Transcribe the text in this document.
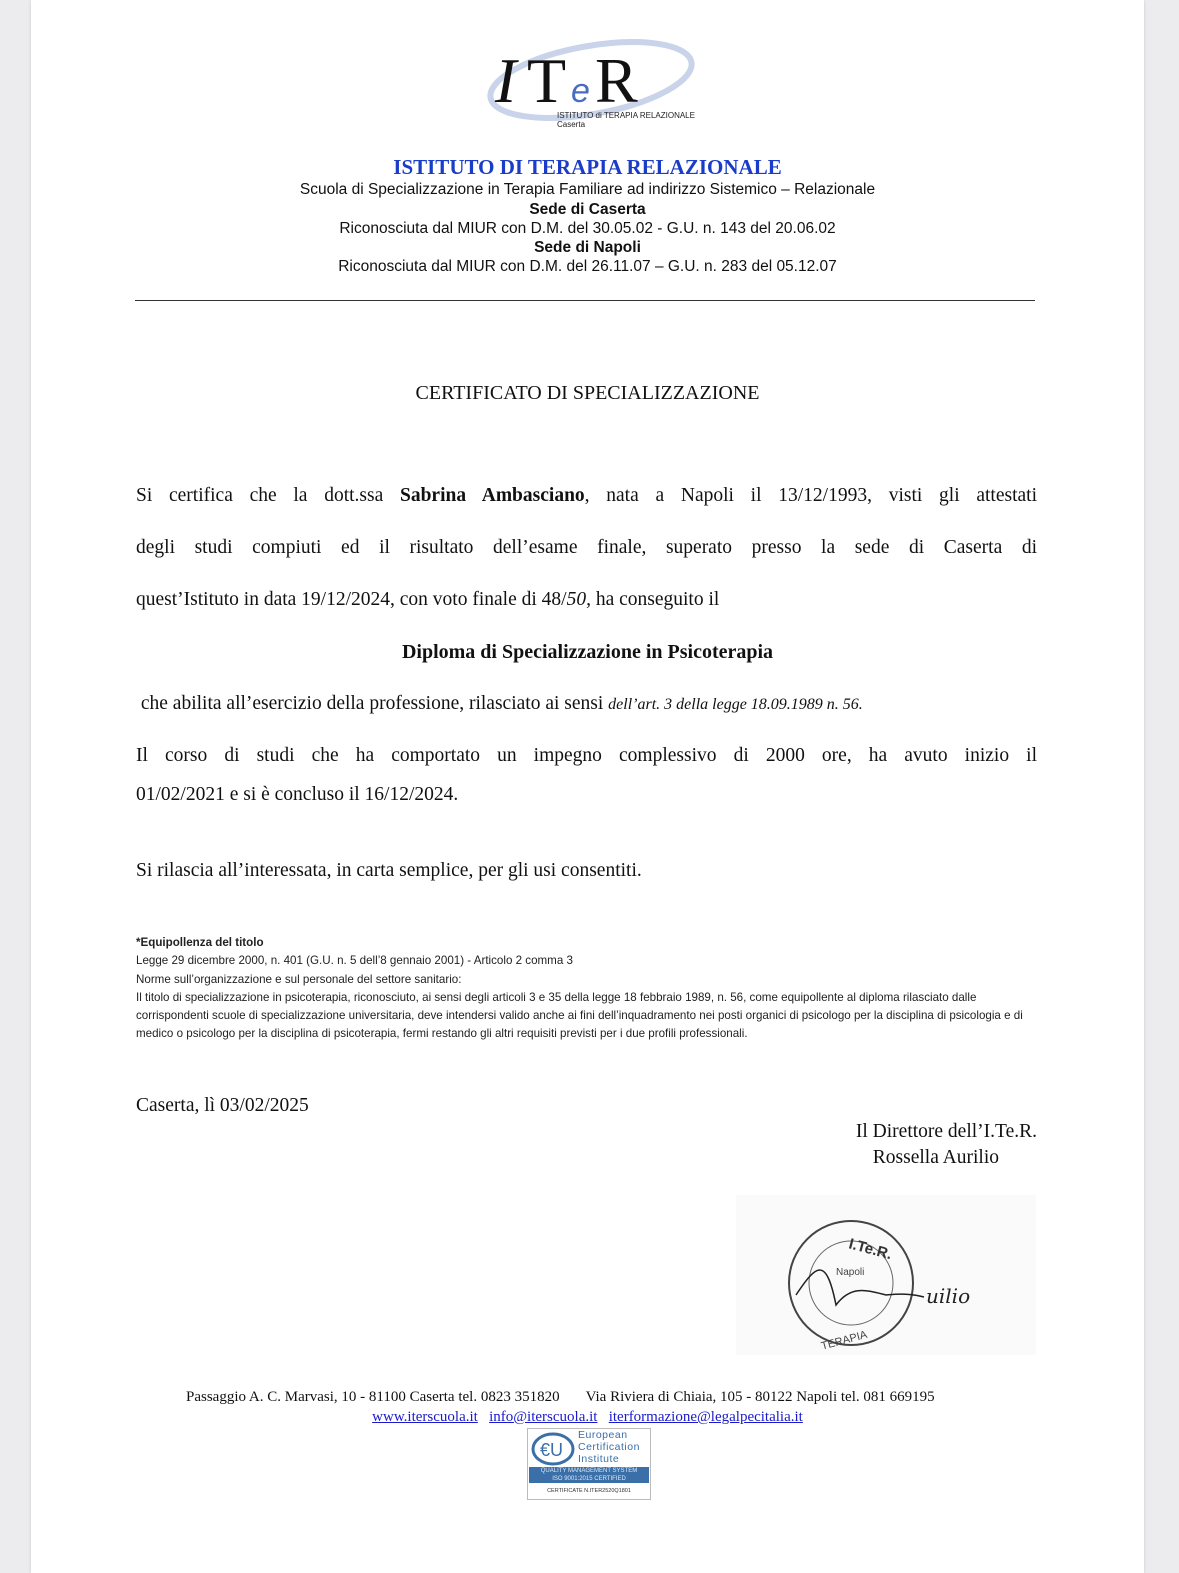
I T e R
ISTITUTO di TERAPIA RELAZIONALE
Caserta
ISTITUTO DI TERAPIA RELAZIONALE
Scuola di Specializzazione in Terapia Familiare ad indirizzo Sistemico – Relazionale
Sede di Caserta
Riconosciuta dal MIUR con D.M. del 30.05.02 - G.U. n. 143 del 20.06.02
Sede di Napoli
Riconosciuta dal MIUR con D.M. del 26.11.07 – G.U. n. 283 del 05.12.07
CERTIFICATO DI SPECIALIZZAZIONE
Si certifica che la dott.ssa Sabrina Ambasciano, nata a Napoli il 13/12/1993, visti gli attestati
degli studi compiuti ed il risultato dell’esame finale, superato presso la sede di Caserta di
quest’Istituto in data 19/12/2024, con voto finale di 48/50, ha conseguito il
Diploma di Specializzazione in Psicoterapia
che abilita all’esercizio della professione, rilasciato ai sensi dell’art. 3 della legge 18.09.1989 n. 56.
Il corso di studi che ha comportato un impegno complessivo di 2000 ore, ha avuto inizio il
01/02/2021 e si è concluso il 16/12/2024.
Si rilascia all’interessata, in carta semplice, per gli usi consentiti.
*Equipollenza del titolo
Legge 29 dicembre 2000, n. 401 (G.U. n. 5 dell’8 gennaio 2001) - Articolo 2 comma 3
Norme sull’organizzazione e sul personale del settore sanitario:
Il titolo di specializzazione in psicoterapia, riconosciuto, ai sensi degli articoli 3 e 35 della legge 18 febbraio 1989, n. 56, come equipollente al diploma rilasciato dalle corrispondenti scuole di specializzazione universitaria, deve intendersi valido anche ai fini dell’inquadramento nei posti organici di psicologo per la disciplina di psicologia e di medico o psicologo per la disciplina di psicoterapia, fermi restando gli altri requisiti previsti per i due profili professionali.
Caserta, lì 03/02/2025
Il Direttore dell’I.Te.R.
Rossella Aurilio
I.Te.R.
Napoli
TERAPIA
uilio
Passaggio A. C. Marvasi, 10 - 81100 Caserta tel. 0823 351820 Via Riviera di Chiaia, 105 - 80122 Napoli tel. 081 669195
www.iterscuola.it info@iterscuola.it iterformazione@legalpecitalia.it
€U
European
Certification
Institute
QUALITY MANAGEMENT SYSTEM
ISO 9001:2015 CERTIFIED
CERTIFICATE N.ITER2520Q1801
